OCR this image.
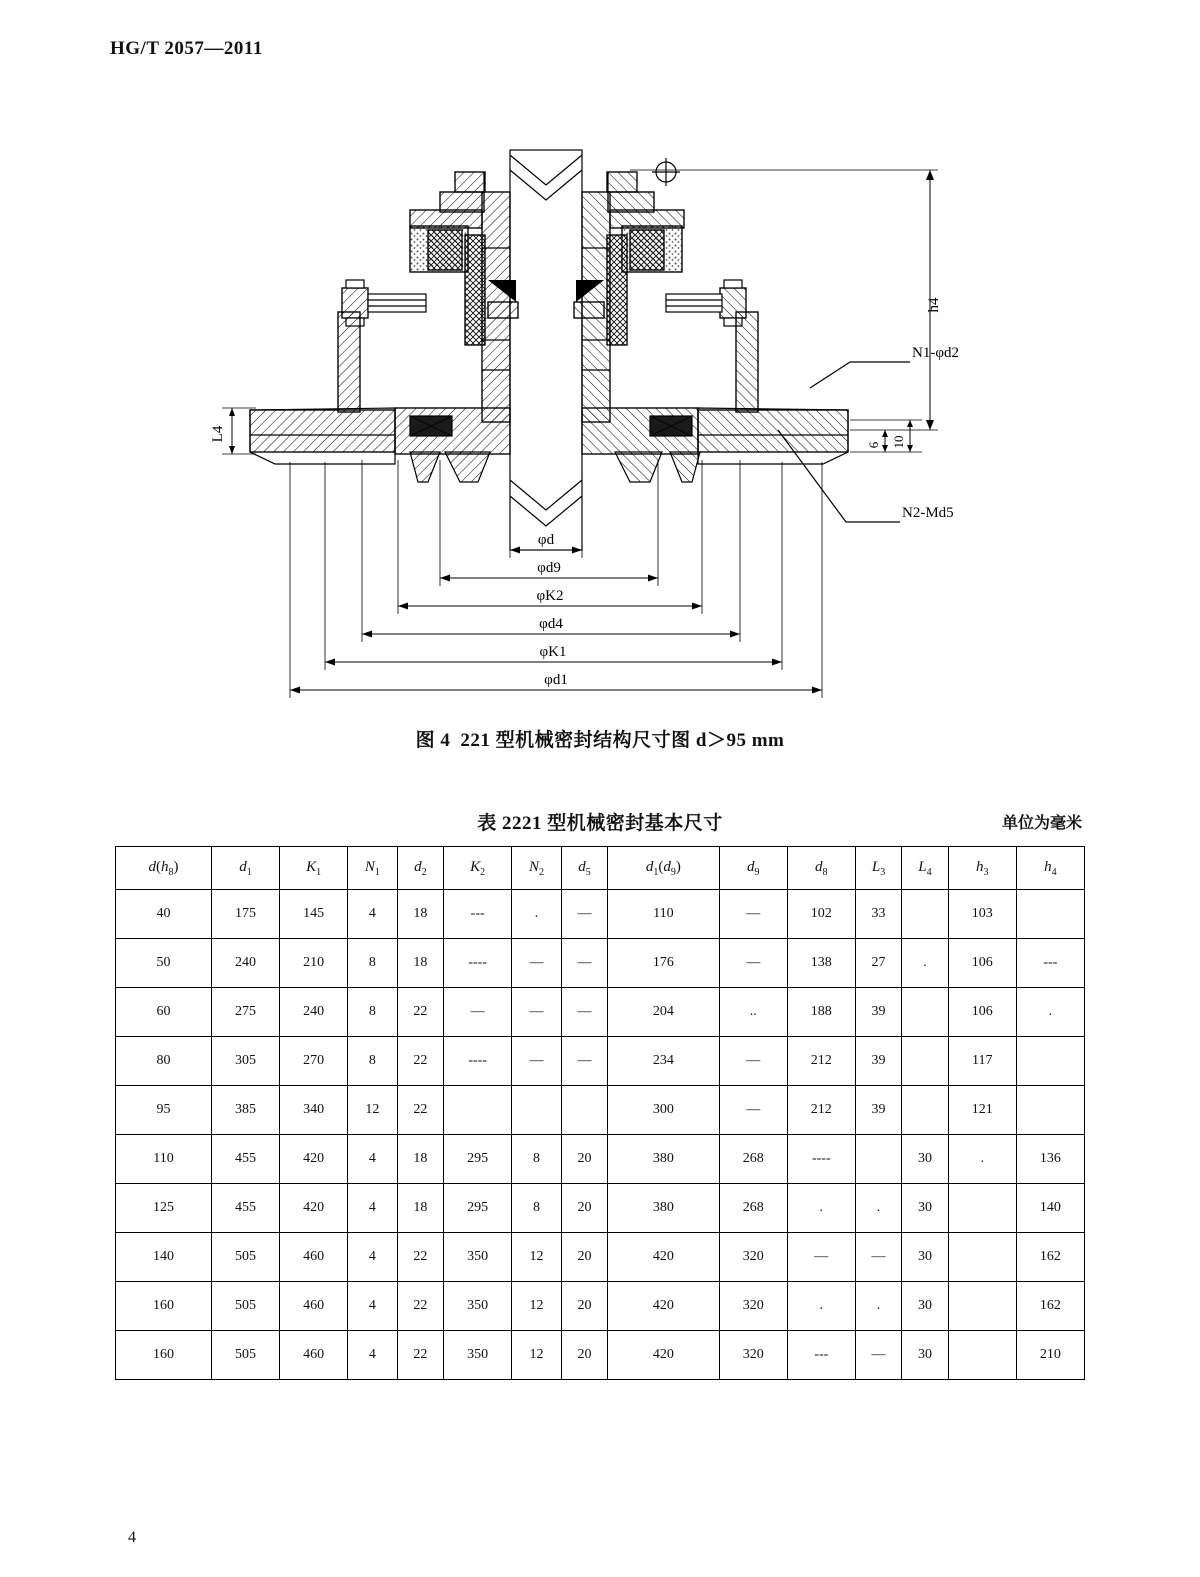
HG/T 2057—2011
h4
L4
6 10
N1-φd2
N2-Md5
φd
φd9
φK2
φd4
φK1
φd1
图 4 221 型机械密封结构尺寸图 d＞95 mm
表 2221 型机械密封基本尺寸	单位为毫米
$d(h_8)$	$d_1$	$K_1$	$N_1$	$d_2$	$K_2$	$N_2$	$d_5$	$d_1(d_9)$	$d_9$	$d_8$	$L_3$	$L_4$	$h_3$	$h_4$
40	175	145	4	18	---	.	—	110	—	102	33		103	
50	240	210	8	18	----	—	—	176	—	138	27	.	106	---
60	275	240	8	22	—	—	—	204	..	188	39		106	.
80	305	270	8	22	----	—	—	234	—	212	39		117	
95	385	340	12	22				300	—	212	39		121	
110	455	420	4	18	295	8	20	380	268	----		30	.	136
125	455	420	4	18	295	8	20	380	268	.	.	30		140
140	505	460	4	22	350	12	20	420	320	—	—	30		162
160	505	460	4	22	350	12	20	420	320	.	.	30		162
160	505	460	4	22	350	12	20	420	320	---	—	30		210
4
